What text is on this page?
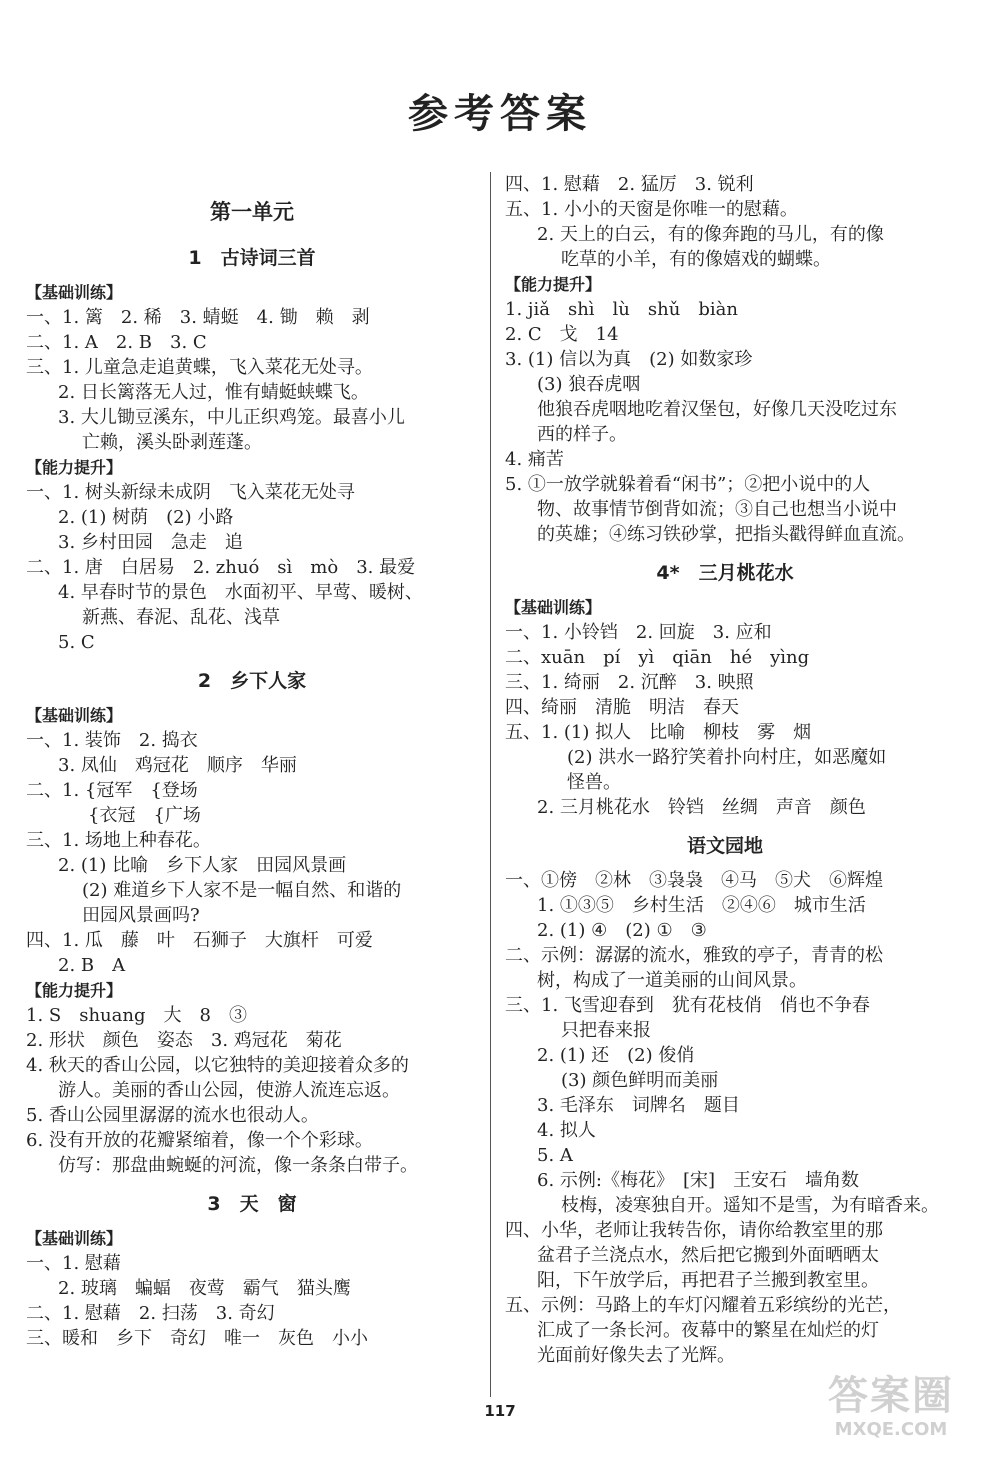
参考答案
第一单元
1　古诗词三首
【基础训练】
一、1. 篱　2. 稀　3. 蜻蜓　4. 锄　赖　剥
二、1. A　2. B　3. C
三、1. 儿童急走追黄蝶，飞入菜花无处寻。
2. 日长篱落无人过，惟有蜻蜓蛱蝶飞。
3. 大儿锄豆溪东，中儿正织鸡笼。最喜小儿
亡赖，溪头卧剥莲蓬。
【能力提升】
一、1. 树头新绿未成阴　飞入菜花无处寻
2. (1) 树荫　(2) 小路
3. 乡村田园　急走　追
二、1. 唐　白居易　2. zhuó　sì　mò　3. 最爱
4. 早春时节的景色　水面初平、早莺、暖树、
新燕、春泥、乱花、浅草
5. C
2　乡下人家
【基础训练】
一、1. 装饰　2. 捣衣
3. 凤仙　鸡冠花　顺序　华丽
二、1. {冠军　{登场
{衣冠　{广场
三、1. 场地上种春花。
2. (1) 比喻　乡下人家　田园风景画
(2) 难道乡下人家不是一幅自然、和谐的
田园风景画吗?
四、1. 瓜　藤　叶　石狮子　大旗杆　可爱
2. B　A
【能力提升】
1. S　shuang　大　8　③
2. 形状　颜色　姿态　3. 鸡冠花　菊花
4. 秋天的香山公园，以它独特的美迎接着众多的
游人。美丽的香山公园，使游人流连忘返。
5. 香山公园里潺潺的流水也很动人。
6. 没有开放的花瓣紧缩着，像一个个彩球。
仿写：那盘曲蜿蜒的河流，像一条条白带子。
3　天　窗
【基础训练】
一、1. 慰藉
2. 玻璃　蝙蝠　夜莺　霸气　猫头鹰
二、1. 慰藉　2. 扫荡　3. 奇幻
三、暖和　乡下　奇幻　唯一　灰色　小小
四、1. 慰藉　2. 猛厉　3. 锐利
五、1. 小小的天窗是你唯一的慰藉。
2. 天上的白云，有的像奔跑的马儿，有的像
吃草的小羊，有的像嬉戏的蝴蝶。
【能力提升】
1. jiǎ　shì　lù　shǔ　biàn
2. C　戈　14
3. (1) 信以为真　(2) 如数家珍
(3) 狼吞虎咽
他狼吞虎咽地吃着汉堡包，好像几天没吃过东
西的样子。
4. 痛苦
5. ①一放学就躲着看“闲书”；②把小说中的人
物、故事情节倒背如流；③自己也想当小说中
的英雄；④练习铁砂掌，把指头戳得鲜血直流。
4*　三月桃花水
【基础训练】
一、1. 小铃铛　2. 回旋　3. 应和
二、xuān　pí　yì　qiān　hé　yìng
三、1. 绮丽　2. 沉醉　3. 映照
四、绮丽　清脆　明洁　春天
五、1. (1) 拟人　比喻　柳枝　雾　烟
(2) 洪水一路狞笑着扑向村庄，如恶魔如
怪兽。
2. 三月桃花水　铃铛　丝绸　声音　颜色
语文园地
一、①傍　②林　③袅袅　④马　⑤犬　⑥辉煌
1. ①③⑤　乡村生活　②④⑥　城市生活
2. (1) ④　(2) ①　③
二、示例：潺潺的流水，雅致的亭子，青青的松
树，构成了一道美丽的山间风景。
三、1. 飞雪迎春到　犹有花枝俏　俏也不争春
只把春来报
2. (1) 还　(2) 俊俏
(3) 颜色鲜明而美丽
3. 毛泽东　词牌名　题目
4. 拟人
5. A
6. 示例:《梅花》　[宋]　王安石　墙角数
枝梅，凌寒独自开。遥知不是雪，为有暗香来。
四、小华，老师让我转告你，请你给教室里的那
盆君子兰浇点水，然后把它搬到外面晒晒太
阳，下午放学后，再把君子兰搬到教室里。
五、示例：马路上的车灯闪耀着五彩缤纷的光芒，
汇成了一条长河。夜幕中的繁星在灿烂的灯
光面前好像失去了光辉。
117	答案圈
MXQE.COM
